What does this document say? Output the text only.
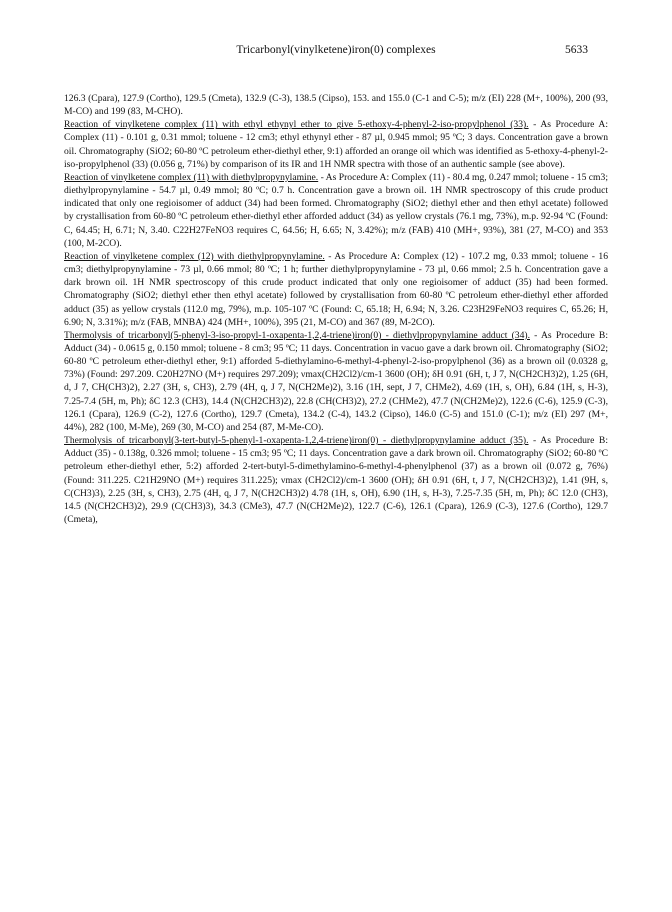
Tricarbonyl(vinylketene)iron(0) complexes	5633

126.3 (Cpara), 127.9 (Cortho), 129.5 (Cmeta), 132.9 (C-3), 138.5 (Cipso), 153. and 155.0 (C-1 and C-5); m/z (EI) 228 (M+, 100%), 200 (93, M-CO) and 199 (83, M-CHO).

Reaction of vinylketene complex (11) with ethyl ethynyl ether to give 5-ethoxy-4-phenyl-2-iso-propylphenol (33). - As Procedure A: Complex (11) - 0.101 g, 0.31 mmol; toluene - 12 cm3; ethyl ethynyl ether - 87 µl, 0.945 mmol; 95 ºC; 3 days. Concentration gave a brown oil. Chromatography (SiO2; 60-80 ºC petroleum ether-diethyl ether, 9:1) afforded an orange oil which was identified as 5-ethoxy-4-phenyl-2-iso-propylphenol (33) (0.056 g, 71%) by comparison of its IR and 1H NMR spectra with those of an authentic sample (see above).

Reaction of vinylketene complex (11) with diethylpropynylamine. - As Procedure A: Complex (11) - 80.4 mg, 0.247 mmol; toluene - 15 cm3; diethylpropynylamine - 54.7 µl, 0.49 mmol; 80 ºC; 0.7 h. Concentration gave a brown oil. 1H NMR spectroscopy of this crude product indicated that only one regioisomer of adduct (34) had been formed. Chromatography (SiO2; diethyl ether and then ethyl acetate) followed by crystallisation from 60-80 ºC petroleum ether-diethyl ether afforded adduct (34) as yellow crystals (76.1 mg, 73%), m.p. 92-94 ºC (Found: C, 64.45; H, 6.71; N, 3.40. C22H27FeNO3 requires C, 64.56; H, 6.65; N, 3.42%); m/z (FAB) 410 (MH+, 93%), 381 (27, M-CO) and 353 (100, M-2CO).

Reaction of vinylketene complex (12) with diethylpropynylamine. - As Procedure A: Complex (12) - 107.2 mg, 0.33 mmol; toluene - 16 cm3; diethylpropynylamine - 73 µl, 0.66 mmol; 80 ºC; 1 h; further diethylpropynylamine - 73 µl, 0.66 mmol; 2.5 h. Concentration gave a dark brown oil. 1H NMR spectroscopy of this crude product indicated that only one regioisomer of adduct (35) had been formed. Chromatography (SiO2; diethyl ether then ethyl acetate) followed by crystallisation from 60-80 ºC petroleum ether-diethyl ether afforded adduct (35) as yellow crystals (112.0 mg, 79%), m.p. 105-107 ºC (Found: C, 65.18; H, 6.94; N, 3.26. C23H29FeNO3 requires C, 65.26; H, 6.90; N, 3.31%); m/z (FAB, MNBA) 424 (MH+, 100%), 395 (21, M-CO) and 367 (89, M-2CO).

Thermolysis of tricarbonyl(5-phenyl-3-iso-propyl-1-oxapenta-1,2,4-triene)iron(0) - diethylpropynylamine adduct (34). - As Procedure B: Adduct (34) - 0.0615 g, 0.150 mmol; toluene - 8 cm3; 95 ºC; 11 days. Concentration in vacuo gave a dark brown oil. Chromatography (SiO2; 60-80 ºC petroleum ether-diethyl ether, 9:1) afforded 5-diethylamino-6-methyl-4-phenyl-2-iso-propylphenol (36) as a brown oil (0.0328 g, 73%) (Found: 297.209. C20H27NO (M+) requires 297.209); νmax(CH2Cl2)/cm-1 3600 (OH); δH 0.91 (6H, t, J 7, N(CH2CH3)2), 1.25 (6H, d, J 7, CH(CH3)2), 2.27 (3H, s, CH3), 2.79 (4H, q, J 7, N(CH2Me)2), 3.16 (1H, sept, J 7, CHMe2), 4.69 (1H, s, OH), 6.84 (1H, s, H-3), 7.25-7.4 (5H, m, Ph); δC 12.3 (CH3), 14.4 (N(CH2CH3)2), 22.8 (CH(CH3)2), 27.2 (CHMe2), 47.7 (N(CH2Me)2), 122.6 (C-6), 125.9 (C-3), 126.1 (Cpara), 126.9 (C-2), 127.6 (Cortho), 129.7 (Cmeta), 134.2 (C-4), 143.2 (Cipso), 146.0 (C-5) and 151.0 (C-1); m/z (EI) 297 (M+, 44%), 282 (100, M-Me), 269 (30, M-CO) and 254 (87, M-Me-CO).

Thermolysis of tricarbonyl(3-tert-butyl-5-phenyl-1-oxapenta-1,2,4-triene)iron(0) - diethylpropynylamine adduct (35). - As Procedure B: Adduct (35) - 0.138g, 0.326 mmol; toluene - 15 cm3; 95 ºC; 11 days. Concentration gave a dark brown oil. Chromatography (SiO2; 60-80 ºC petroleum ether-diethyl ether, 5:2) afforded 2-tert-butyl-5-dimethylamino-6-methyl-4-phenylphenol (37) as a brown oil (0.072 g, 76%) (Found: 311.225. C21H29NO (M+) requires 311.225); νmax (CH2Cl2)/cm-1 3600 (OH); δH 0.91 (6H, t, J 7, N(CH2CH3)2), 1.41 (9H, s, C(CH3)3), 2.25 (3H, s, CH3), 2.75 (4H, q, J 7, N(CH2CH3)2) 4.78 (1H, s, OH), 6.90 (1H, s, H-3), 7.25-7.35 (5H, m, Ph); δC 12.0 (CH3), 14.5 (N(CH2CH3)2), 29.9 (C(CH3)3), 34.3 (CMe3), 47.7 (N(CH2Me)2), 122.7 (C-6), 126.1 (Cpara), 126.9 (C-3), 127.6 (Cortho), 129.7 (Cmeta),
